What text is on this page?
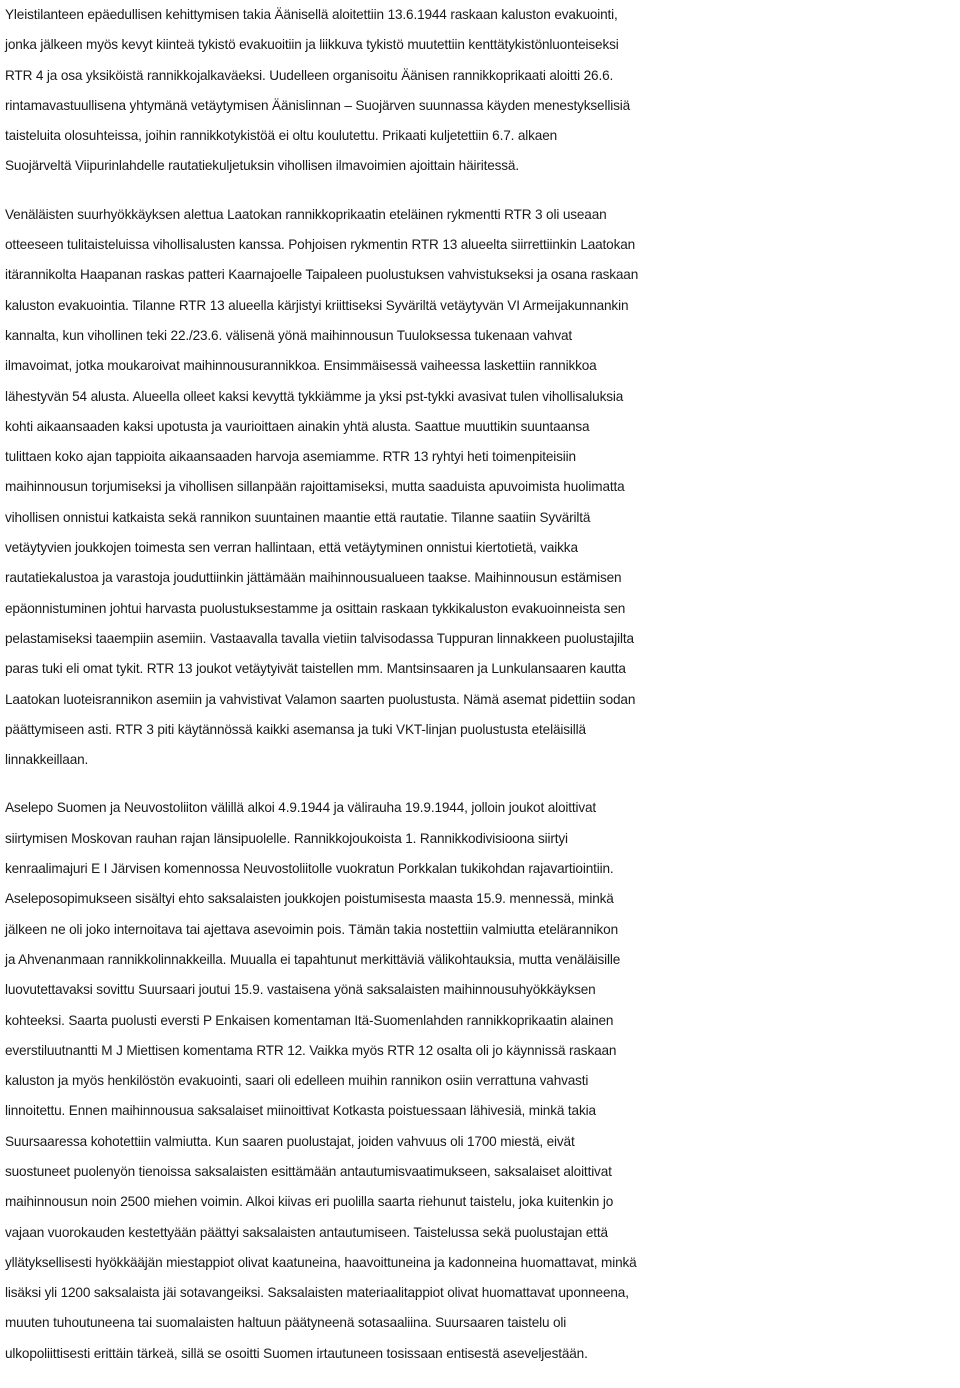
Yleistilanteen epäedullisen kehittymisen takia Äänisellä aloitettiin 13.6.1944 raskaan kaluston evakuointi,
jonka jälkeen myös kevyt kiinteä tykistö evakuoitiin ja liikkuva tykistö muutettiin kenttätykistönluonteiseksi
RTR 4 ja osa yksiköistä rannikkojalkaväeksi. Uudelleen organisoitu Äänisen rannikkoprikaati aloitti 26.6.
rintamavastuullisena yhtymänä vetäytymisen Äänislinnan – Suojärven suunnassa käyden menestyksellisiä
taisteluita olosuhteissa, joihin rannikkotykistöä ei oltu koulutettu. Prikaati kuljetettiin 6.7. alkaen
Suojärveltä Viipurinlahdelle rautatiekuljetuksin vihollisen ilmavoimien ajoittain häiritessä.
Venäläisten suurhyökkäyksen alettua Laatokan rannikkoprikaatin eteläinen rykmentti RTR 3 oli useaan
otteeseen tulitaisteluissa vihollisalusten kanssa. Pohjoisen rykmentin RTR 13 alueelta siirrettiinkin Laatokan
itärannikolta Haapanan raskas patteri Kaarnajoelle Taipaleen puolustuksen vahvistukseksi ja osana raskaan
kaluston evakuointia. Tilanne RTR 13 alueella kärjistyi kriittiseksi Syväriltä vetäytyvän VI Armeijakunnankin
kannalta, kun vihollinen teki 22./23.6. välisenä yönä maihinnousun Tuuloksessa tukenaan vahvat
ilmavoimat, jotka moukaroivat maihinnousurannikkoa. Ensimmäisessä vaiheessa laskettiin rannikkoa
lähestyvän 54 alusta. Alueella olleet kaksi kevyttä tykkiämme ja yksi pst-tykki avasivat tulen vihollisaluksia
kohti aikaansaaden kaksi upotusta ja vaurioittaen ainakin yhtä alusta. Saattue muuttikin suuntaansa
tulittaen koko ajan tappioita aikaansaaden harvoja asemiamme. RTR 13 ryhtyi heti toimenpiteisiin
maihinnousun torjumiseksi ja vihollisen sillanpään rajoittamiseksi, mutta saaduista apuvoimista huolimatta
vihollisen onnistui katkaista sekä rannikon suuntainen maantie että rautatie. Tilanne saatiin Syväriltä
vetäytyvien joukkojen toimesta sen verran hallintaan, että vetäytyminen onnistui kiertotietä, vaikka
rautatiekalustoa ja varastoja jouduttiinkin jättämään maihinnousualueen taakse. Maihinnousun estämisen
epäonnistuminen johtui harvasta puolustuksestamme ja osittain raskaan tykkikaluston evakuoinneista sen
pelastamiseksi taaempiin asemiin. Vastaavalla tavalla vietiin talvisodassa Tuppuran linnakkeen puolustajilta
paras tuki eli omat tykit. RTR 13 joukot vetäytyivät taistellen mm. Mantsinsaaren ja Lunkulansaaren kautta
Laatokan luoteisrannikon asemiin ja vahvistivat Valamon saarten puolustusta. Nämä asemat pidettiin sodan
päättymiseen asti. RTR 3 piti käytännössä kaikki asemansa ja tuki VKT-linjan puolustusta eteläisillä
linnakkeillaan.
Aselepo Suomen ja Neuvostoliiton välillä alkoi 4.9.1944 ja välirauha 19.9.1944, jolloin joukot aloittivat
siirtymisen Moskovan rauhan rajan länsipuolelle. Rannikkojoukoista 1. Rannikkodivisioona siirtyi
kenraalimajuri E I Järvisen komennossa Neuvostoliitolle vuokratun Porkkalan tukikohdan rajavartiointiin.
Aseleposopimukseen sisältyi ehto saksalaisten joukkojen poistumisesta maasta 15.9. mennessä, minkä
jälkeen ne oli joko internoitava tai ajettava asevoimin pois. Tämän takia nostettiin valmiutta etelärannikon
ja Ahvenanmaan rannikkolinnakkeilla. Muualla ei tapahtunut merkittäviä välikohtauksia, mutta venäläisille
luovutettavaksi sovittu Suursaari joutui 15.9. vastaisena yönä saksalaisten maihinnousuhyökkäyksen
kohteeksi. Saarta puolusti eversti P Enkaisen komentaman Itä-Suomenlahden rannikkoprikaatin alainen
everstiluutnantti M J Miettisen komentama RTR 12. Vaikka myös RTR 12 osalta oli jo käynnissä raskaan
kaluston ja myös henkilöstön evakuointi, saari oli edelleen muihin rannikon osiin verrattuna vahvasti
linnoitettu. Ennen maihinnousua saksalaiset miinoittivat Kotkasta poistuessaan lähivesiä, minkä takia
Suursaaressa kohotettiin valmiutta. Kun saaren puolustajat, joiden vahvuus oli 1700 miestä, eivät
suostuneet puolenyön tienoissa saksalaisten esittämään antautumisvaatimukseen, saksalaiset aloittivat
maihinnousun noin 2500 miehen voimin. Alkoi kiivas eri puolilla saarta riehunut taistelu, joka kuitenkin jo
vajaan vuorokauden kestettyään päättyi saksalaisten antautumiseen. Taistelussa sekä puolustajan että
yllätyksellisesti hyökkääjän miestappiot olivat kaatuneina, haavoittuneina ja kadonneina huomattavat, minkä
lisäksi yli 1200 saksalaista jäi sotavangeiksi. Saksalaisten materiaalitappiot olivat huomattavat uponneena,
muuten tuhoutuneena tai suomalaisten haltuun päätyneenä sotasaaliina. Suursaaren taistelu oli
ulkopoliittisesti erittäin tärkeä, sillä se osoitti Suomen irtautuneen tosissaan entisestä aseveljestään.
